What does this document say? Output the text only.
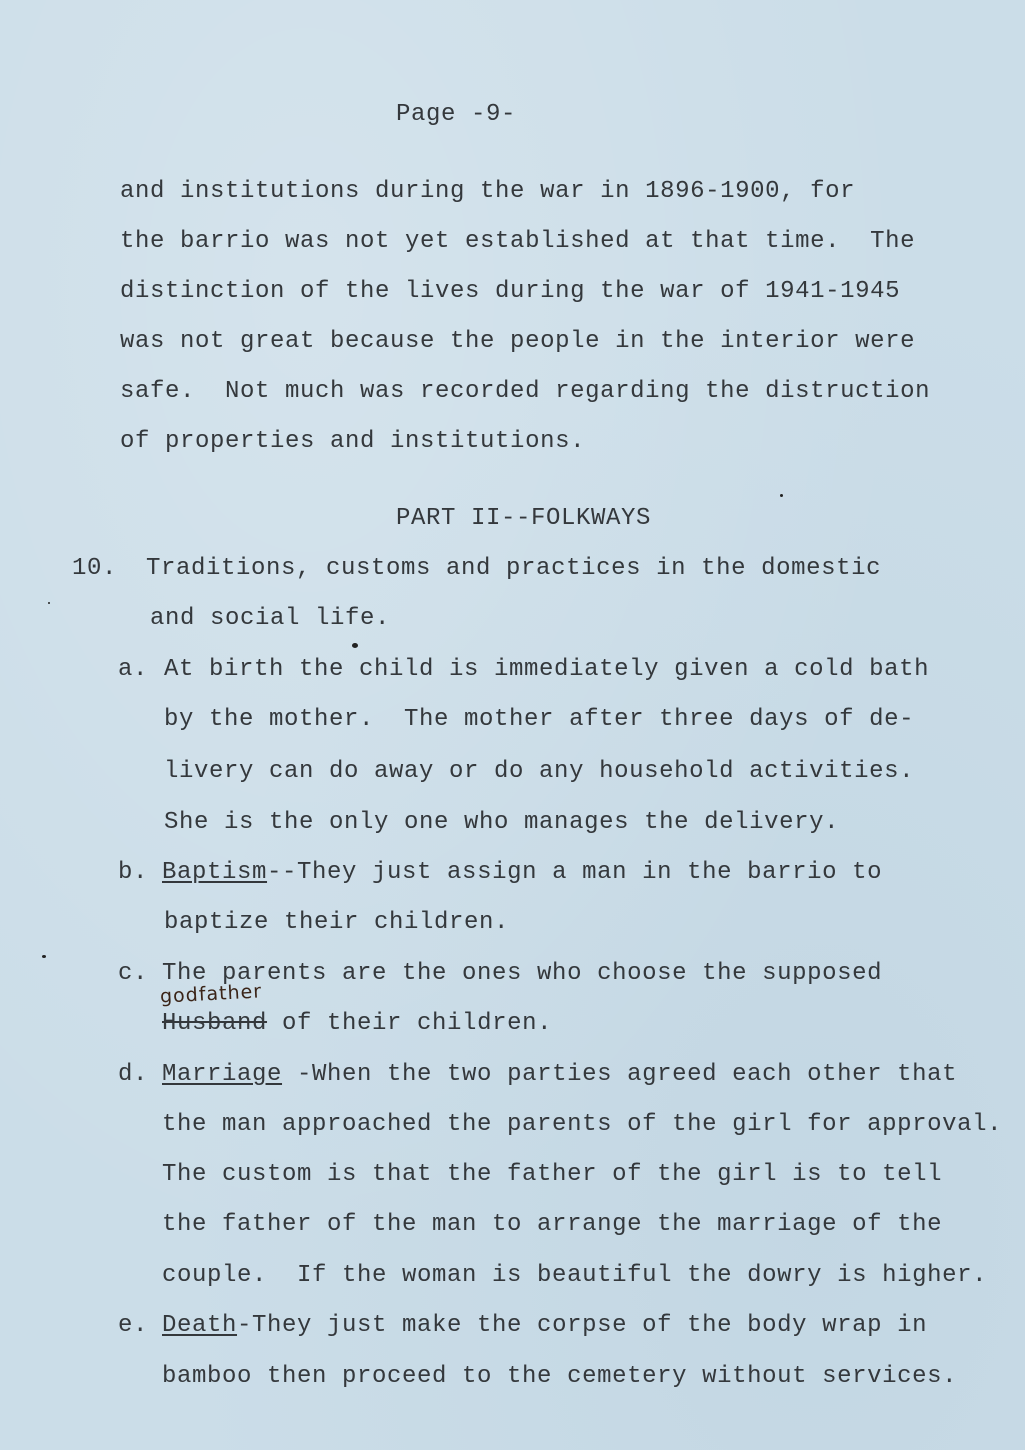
Page -9-
and institutions during the war in 1896-1900, for
the barrio was not yet established at that time.  The
distinction of the lives during the war of 1941-1945
was not great because the people in the interior were
safe.  Not much was recorded regarding the distruction
of properties and institutions.
PART II--FOLKWAYS
10. Traditions, customs and practices in the domestic
and social life.
a. At birth the child is immediately given a cold bath
by the mother.  The mother after three days of de-
livery can do away or do any household activities.
She is the only one who manages the delivery.
b. Baptism--They just assign a man in the barrio to
baptize their children.
c. The parents are the ones who choose the supposed
godfather
Husband of their children.
d. Marriage -When the two parties agreed each other that
the man approached the parents of the girl for approval.
The custom is that the father of the girl is to tell
the father of the man to arrange the marriage of the
couple.  If the woman is beautiful the dowry is higher.
e. Death-They just make the corpse of the body wrap in
bamboo then proceed to the cemetery without services.
